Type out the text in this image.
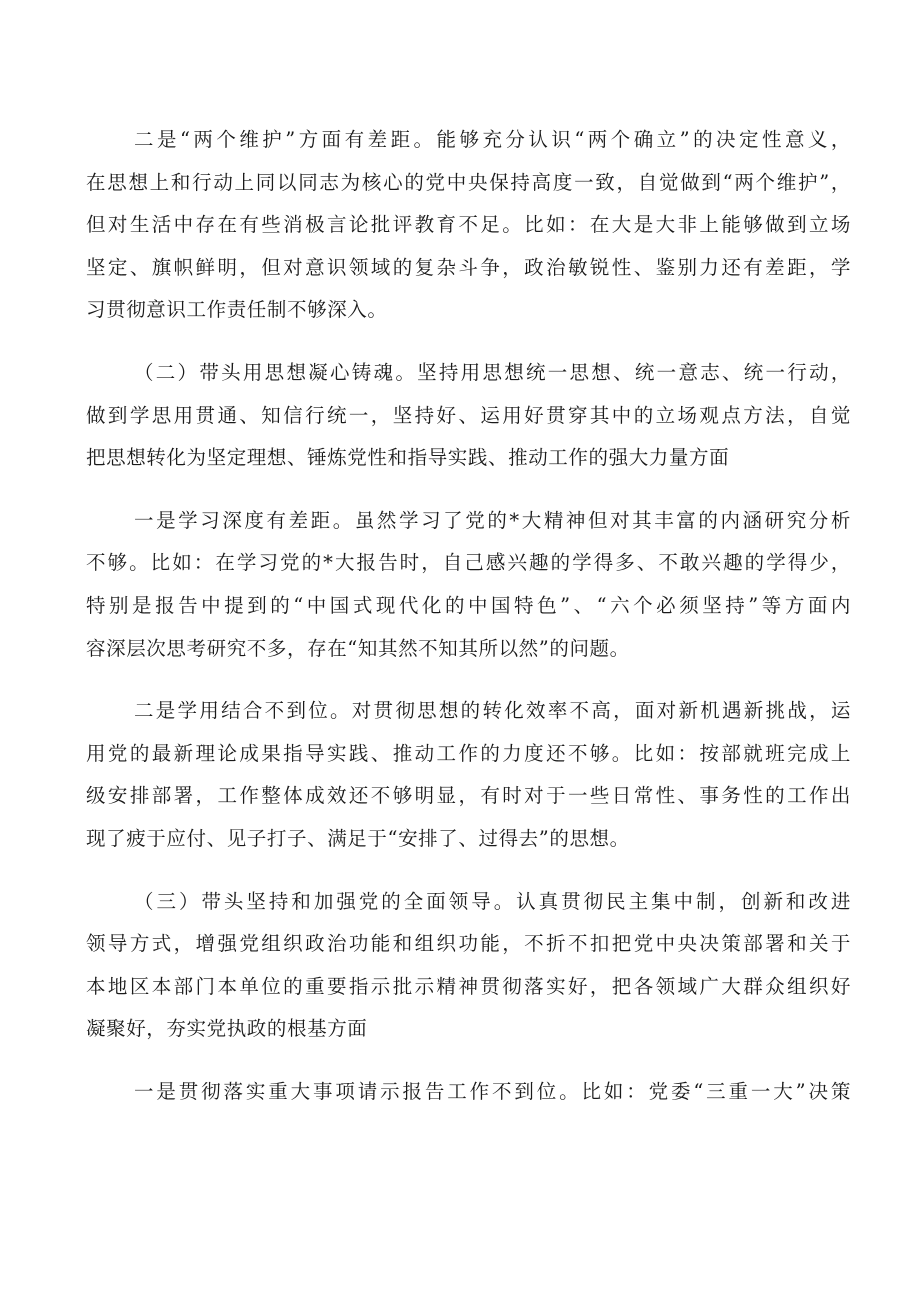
二是“两个维护”方面有差距。能够充分认识“两个确立”的决定性意义，
在思想上和行动上同以同志为核心的党中央保持高度一致，自觉做到“两个维护”，
但对生活中存在有些消极言论批评教育不足。比如：在大是大非上能够做到立场
坚定、旗帜鲜明，但对意识领域的复杂斗争，政治敏锐性、鉴别力还有差距，学
习贯彻意识工作责任制不够深入。
（二）带头用思想凝心铸魂。坚持用思想统一思想、统一意志、统一行动，
做到学思用贯通、知信行统一，坚持好、运用好贯穿其中的立场观点方法，自觉
把思想转化为坚定理想、锤炼党性和指导实践、推动工作的强大力量方面
一是学习深度有差距。虽然学习了党的*大精神但对其丰富的内涵研究分析
不够。比如：在学习党的*大报告时，自己感兴趣的学得多、不敢兴趣的学得少，
特别是报告中提到的“中国式现代化的中国特色”、“六个必须坚持”等方面内
容深层次思考研究不多，存在“知其然不知其所以然”的问题。
二是学用结合不到位。对贯彻思想的转化效率不高，面对新机遇新挑战，运
用党的最新理论成果指导实践、推动工作的力度还不够。比如：按部就班完成上
级安排部署，工作整体成效还不够明显，有时对于一些日常性、事务性的工作出
现了疲于应付、见子打子、满足于“安排了、过得去”的思想。
（三）带头坚持和加强党的全面领导。认真贯彻民主集中制，创新和改进
领导方式，增强党组织政治功能和组织功能，不折不扣把党中央决策部署和关于
本地区本部门本单位的重要指示批示精神贯彻落实好，把各领域广大群众组织好
凝聚好，夯实党执政的根基方面
一是贯彻落实重大事项请示报告工作不到位。比如：党委“三重一大”决策
